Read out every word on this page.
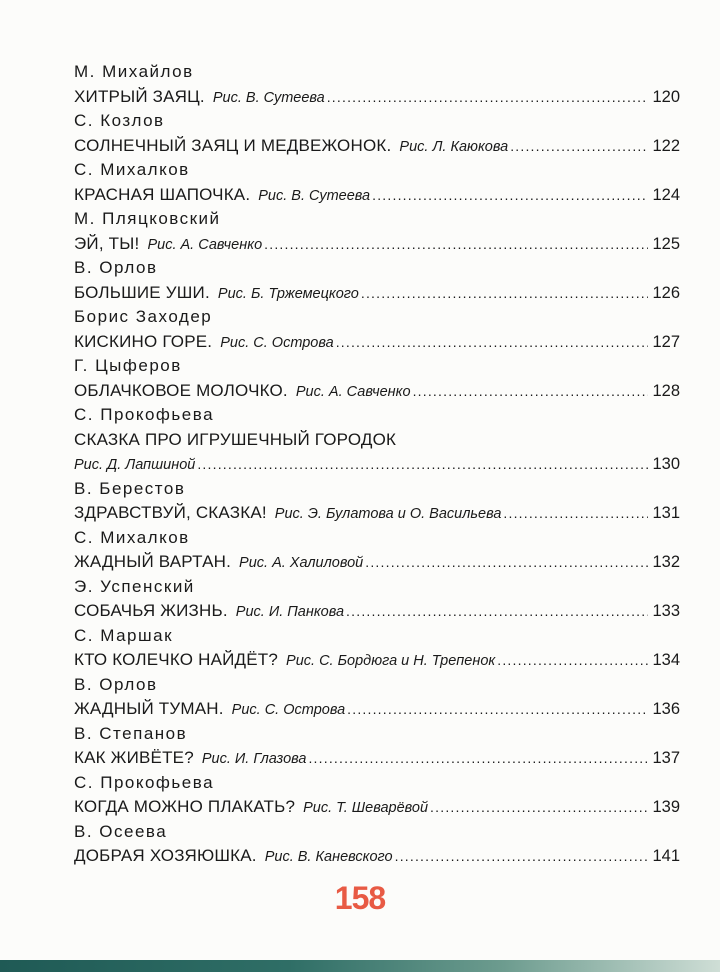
М. Михайлов
ХИТРЫЙ ЗАЯЦ. Рис. В. Сутеева .....	120
С. Козлов
СОЛНЕЧНЫЙ ЗАЯЦ И МЕДВЕЖОНОК. Рис. Л. Каюкова .....	122
С. Михалков
КРАСНАЯ ШАПОЧКА. Рис. В. Сутеева .....	124
М. Пляцковский
ЭЙ, ТЫ! Рис. А. Савченко .....	125
В. Орлов
БОЛЬШИЕ УШИ. Рис. Б. Тржемецкого .....	126
Борис Заходер
КИСКИНО ГОРЕ. Рис. С. Острова .....	127
Г. Цыферов
ОБЛАЧКОВОЕ МОЛОЧКО. Рис. А. Савченко .....	128
С. Прокофьева
СКАЗКА ПРО ИГРУШЕЧНЫЙ ГОРОДОК
Рис. Д. Лапшиной .....	130
В. Берестов
ЗДРАВСТВУЙ, СКАЗКА! Рис. Э. Булатова и О. Васильева .....	131
С. Михалков
ЖАДНЫЙ ВАРТАН. Рис. А. Халиловой .....	132
Э. Успенский
СОБАЧЬЯ ЖИЗНЬ. Рис. И. Панкова .....	133
С. Маршак
КТО КОЛЕЧКО НАЙДЁТ? Рис. С. Бордюга и Н. Трепенок .....	134
В. Орлов
ЖАДНЫЙ ТУМАН. Рис. С. Острова .....	136
В. Степанов
КАК ЖИВЁТЕ? Рис. И. Глазова .....	137
С. Прокофьева
КОГДА МОЖНО ПЛАКАТЬ? Рис. Т. Шеварёвой .....	139
В. Осеева
ДОБРАЯ ХОЗЯЮШКА. Рис. В. Каневского .....	141
158
